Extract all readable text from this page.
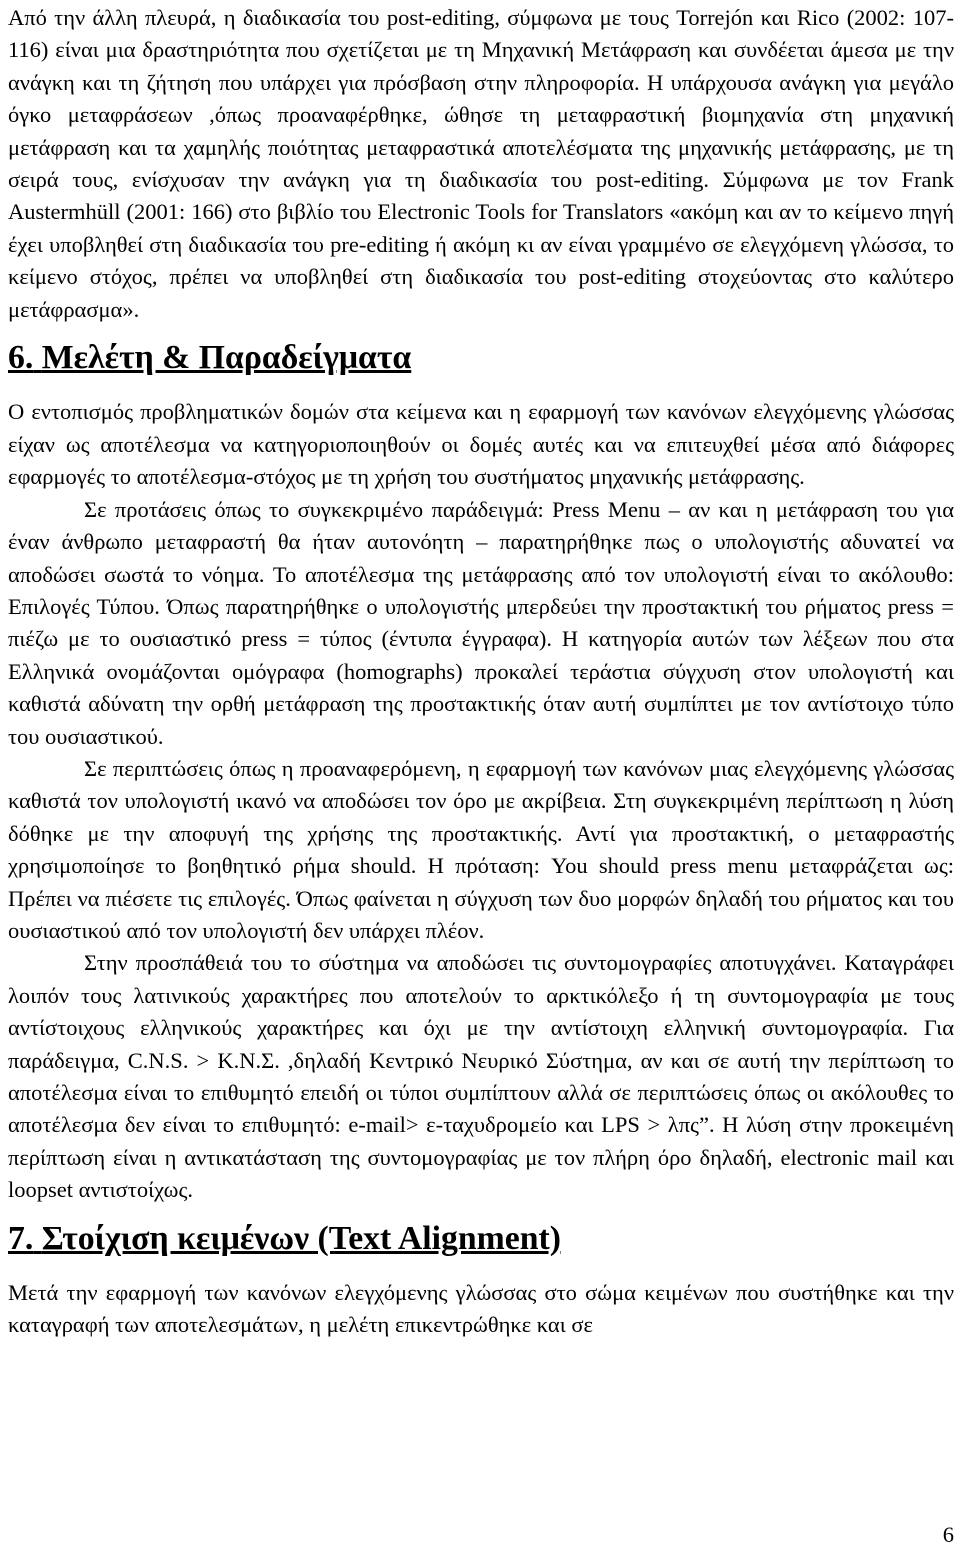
Από την άλλη πλευρά, η διαδικασία του post-editing, σύμφωνα με τους Torrejón και Rico (2002: 107-116) είναι μια δραστηριότητα που σχετίζεται με τη Μηχανική Μετάφραση και συνδέεται άμεσα με την ανάγκη και τη ζήτηση που υπάρχει για πρόσβαση στην πληροφορία. Η υπάρχουσα ανάγκη για μεγάλο όγκο μεταφράσεων ,όπως προαναφέρθηκε, ώθησε τη μεταφραστική βιομηχανία στη μηχανική μετάφραση και τα χαμηλής ποιότητας μεταφραστικά αποτελέσματα της μηχανικής μετάφρασης, με τη σειρά τους, ενίσχυσαν την ανάγκη για τη διαδικασία του post-editing. Σύμφωνα με τον Frank Austermhüll (2001: 166) στο βιβλίο του Electronic Tools for Translators «ακόμη και αν το κείμενο πηγή έχει υποβληθεί στη διαδικασία του pre-editing ή ακόμη κι αν είναι γραμμένο σε ελεγχόμενη γλώσσα, το κείμενο στόχος, πρέπει να υποβληθεί στη διαδικασία του post-editing στοχεύοντας στο καλύτερο μετάφρασμα».

6. Μελέτη & Παραδείγματα

Ο εντοπισμός προβληματικών δομών στα κείμενα και η εφαρμογή των κανόνων ελεγχόμενης γλώσσας είχαν ως αποτέλεσμα να κατηγοριοποιηθούν οι δομές αυτές και να επιτευχθεί μέσα από διάφορες εφαρμογές το αποτέλεσμα-στόχος με τη χρήση του συστήματος μηχανικής μετάφρασης.

Σε προτάσεις όπως το συγκεκριμένο παράδειγμά: Press Menu – αν και η μετάφραση του για έναν άνθρωπο μεταφραστή θα ήταν αυτονόητη – παρατηρήθηκε πως ο υπολογιστής αδυνατεί να αποδώσει σωστά το νόημα. Το αποτέλεσμα της μετάφρασης από τον υπολογιστή είναι το ακόλουθο: Επιλογές Τύπου. Όπως παρατηρήθηκε ο υπολογιστής μπερδεύει την προστακτική του ρήματος press = πιέζω με το ουσιαστικό press = τύπος (έντυπα έγγραφα). Η κατηγορία αυτών των λέξεων που στα Ελληνικά ονομάζονται ομόγραφα (homographs) προκαλεί τεράστια σύγχυση στον υπολογιστή και καθιστά αδύνατη την ορθή μετάφραση της προστακτικής όταν αυτή συμπίπτει με τον αντίστοιχο τύπο του ουσιαστικού.

Σε περιπτώσεις όπως η προαναφερόμενη, η εφαρμογή των κανόνων μιας ελεγχόμενης γλώσσας καθιστά τον υπολογιστή ικανό να αποδώσει τον όρο με ακρίβεια. Στη συγκεκριμένη περίπτωση η λύση δόθηκε με την αποφυγή της χρήσης της προστακτικής. Αντί για προστακτική, ο μεταφραστής χρησιμοποίησε το βοηθητικό ρήμα should. Η πρόταση: You should press menu μεταφράζεται ως: Πρέπει να πιέσετε τις επιλογές. Όπως φαίνεται η σύγχυση των δυο μορφών δηλαδή του ρήματος και του ουσιαστικού από τον υπολογιστή δεν υπάρχει πλέον.

Στην προσπάθειά του το σύστημα να αποδώσει τις συντομογραφίες αποτυγχάνει. Καταγράφει λοιπόν τους λατινικούς χαρακτήρες που αποτελούν το αρκτικόλεξο ή τη συντομογραφία με τους αντίστοιχους ελληνικούς χαρακτήρες και όχι με την αντίστοιχη ελληνική συντομογραφία. Για παράδειγμα, C.N.S. > K.N.Σ. ,δηλαδή Κεντρικό Νευρικό Σύστημα, αν και σε αυτή την περίπτωση το αποτέλεσμα είναι το επιθυμητό επειδή οι τύποι συμπίπτουν αλλά σε περιπτώσεις όπως οι ακόλουθες το αποτέλεσμα δεν είναι το επιθυμητό: e-mail> ε-ταχυδρομείο και LPS > λπς”. Η λύση στην προκειμένη περίπτωση είναι η αντικατάσταση της συντομογραφίας με τον πλήρη όρο δηλαδή, electronic mail και loopset αντιστοίχως.

7. Στοίχιση κειμένων (Text Alignment)

Μετά την εφαρμογή των κανόνων ελεγχόμενης γλώσσας στο σώμα κειμένων που συστήθηκε και την καταγραφή των αποτελεσμάτων, η μελέτη επικεντρώθηκε και σε

6
